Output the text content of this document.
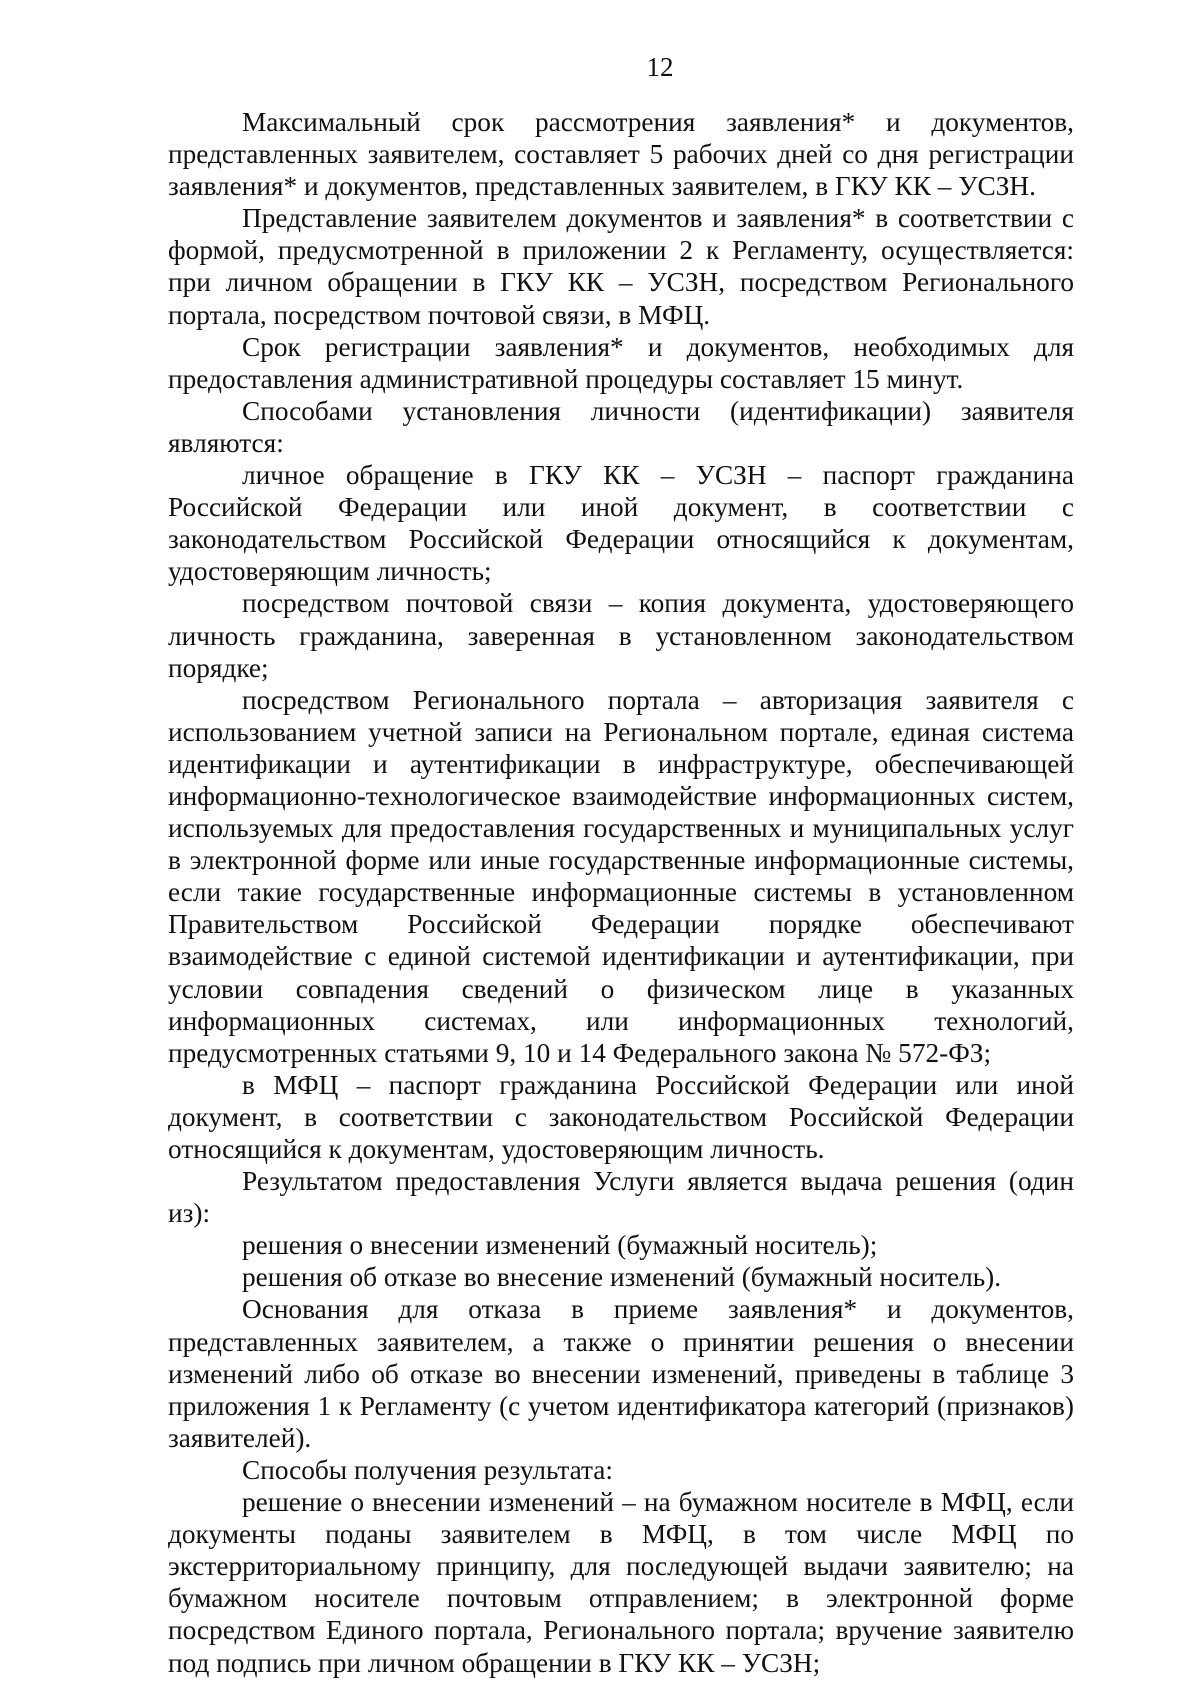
12

Максимальный срок рассмотрения заявления* и документов, представленных заявителем, составляет 5 рабочих дней со дня регистрации заявления* и документов, представленных заявителем, в ГКУ КК – УСЗН.

Представление заявителем документов и заявления* в соответствии с формой, предусмотренной в приложении 2 к Регламенту, осуществляется: при личном обращении в ГКУ КК – УСЗН, посредством Регионального портала, посредством почтовой связи, в МФЦ.

Срок регистрации заявления* и документов, необходимых для предоставления административной процедуры составляет 15 минут.

Способами установления личности (идентификации) заявителя являются:

личное обращение в ГКУ КК – УСЗН – паспорт гражданина Российской Федерации или иной документ, в соответствии с законодательством Российской Федерации относящийся к документам, удостоверяющим личность;

посредством почтовой связи – копия документа, удостоверяющего личность гражданина, заверенная в установленном законодательством порядке;

посредством Регионального портала – авторизация заявителя с использованием учетной записи на Региональном портале, единая система идентификации и аутентификации в инфраструктуре, обеспечивающей информационно-технологическое взаимодействие информационных систем, используемых для предоставления государственных и муниципальных услуг в электронной форме или иные государственные информационные системы, если такие государственные информационные системы в установленном Правительством Российской Федерации порядке обеспечивают взаимодействие с единой системой идентификации и аутентификации, при условии совпадения сведений о физическом лице в указанных информационных системах, или информационных технологий, предусмотренных статьями 9, 10 и 14 Федерального закона № 572-ФЗ;

в МФЦ – паспорт гражданина Российской Федерации или иной документ, в соответствии с законодательством Российской Федерации относящийся к документам, удостоверяющим личность.

Результатом предоставления Услуги является выдача решения (один из):

решения о внесении изменений (бумажный носитель);

решения об отказе во внесение изменений (бумажный носитель).

Основания для отказа в приеме заявления* и документов, представленных заявителем, а также о принятии решения о внесении изменений либо об отказе во внесении изменений, приведены в таблице 3 приложения 1 к Регламенту (с учетом идентификатора категорий (признаков) заявителей).

Способы получения результата:

решение о внесении изменений – на бумажном носителе в МФЦ, если документы поданы заявителем в МФЦ, в том числе МФЦ по экстерриториальному принципу, для последующей выдачи заявителю; на бумажном носителе почтовым отправлением; в электронной форме посредством Единого портала, Регионального портала; вручение заявителю под подпись при личном обращении в ГКУ КК – УСЗН;
